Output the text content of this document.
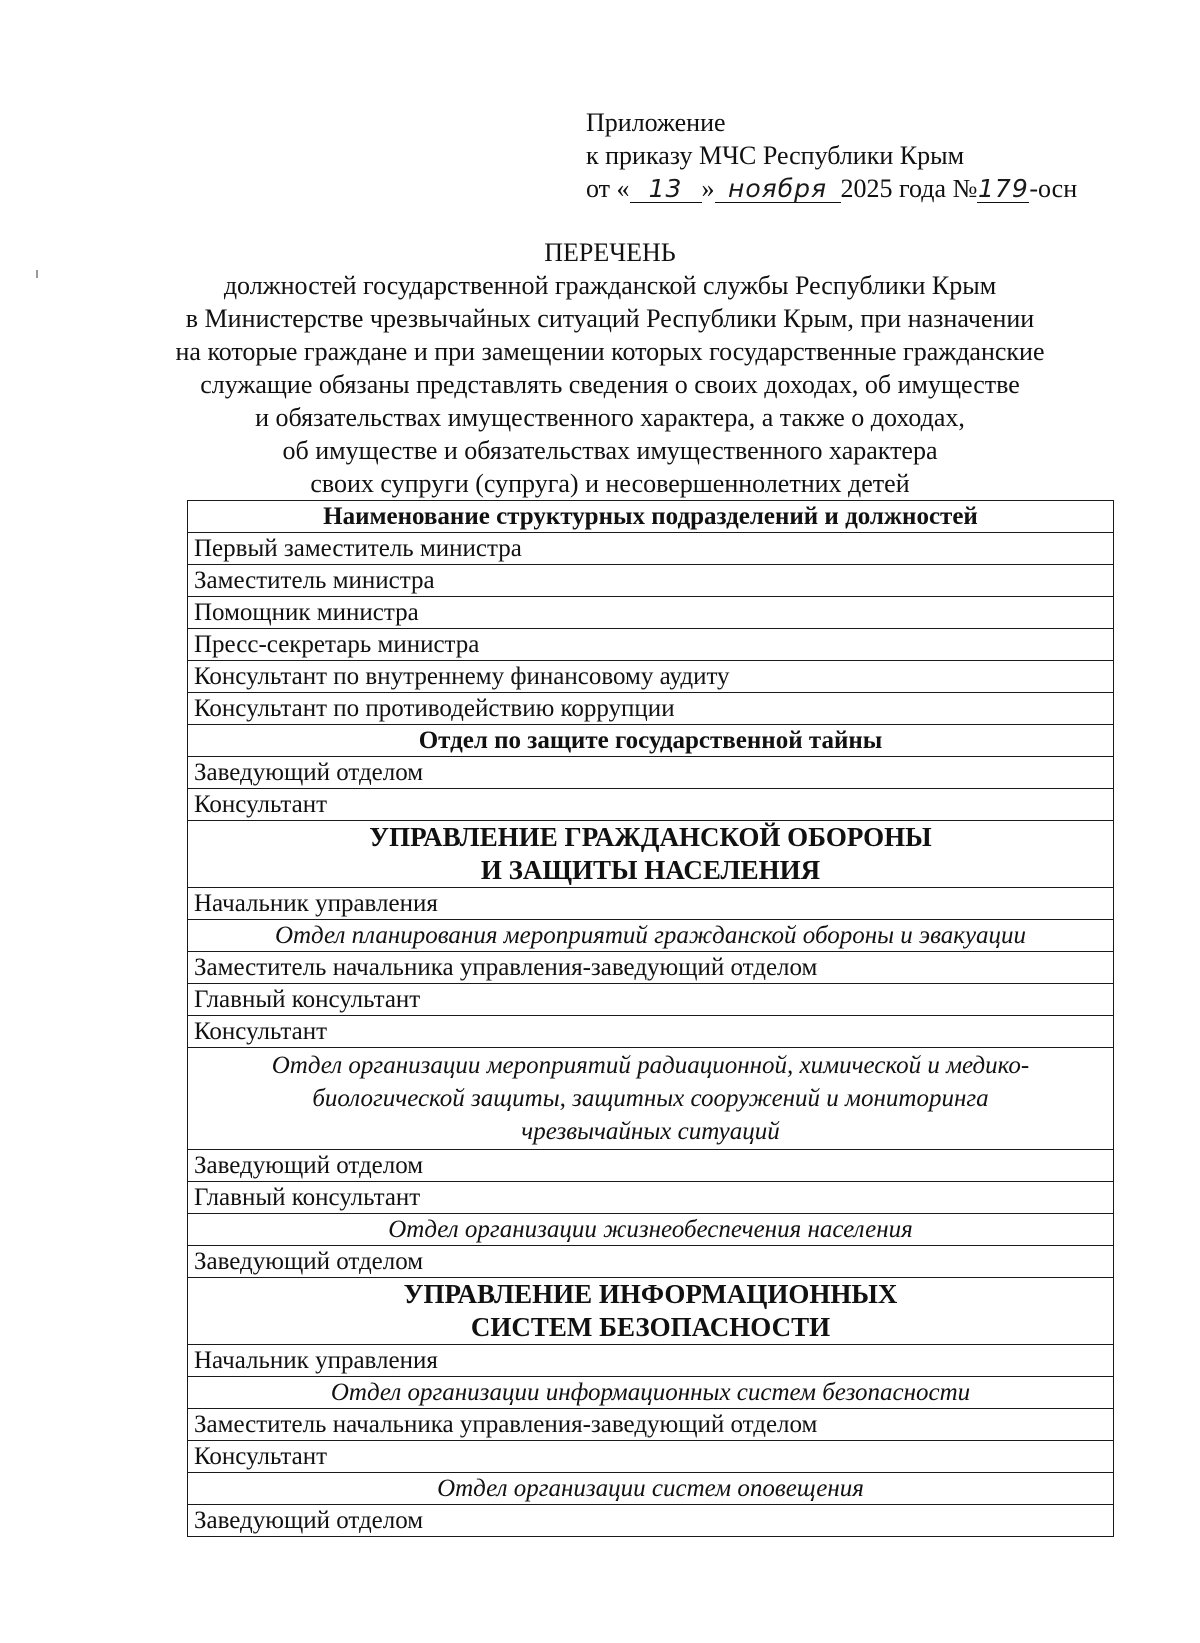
Приложение
к приказу МЧС Республики Крым
от « 13 » ноября 2025 года №179-осн
ПЕРЕЧЕНЬ
должностей государственной гражданской службы Республики Крым
в Министерстве чрезвычайных ситуаций Республики Крым, при назначении
на которые граждане и при замещении которых государственные гражданские
служащие обязаны представлять сведения о своих доходах, об имуществе
и обязательствах имущественного характера, а также о доходах,
об имуществе и обязательствах имущественного характера
своих супруги (супруга) и несовершеннолетних детей
Наименование структурных подразделений и должностей
Первый заместитель министра
Заместитель министра
Помощник министра
Пресс-секретарь министра
Консультант по внутреннему финансовому аудиту
Консультант по противодействию коррупции
Отдел по защите государственной тайны
Заведующий отделом
Консультант

УПРАВЛЕНИЕ ГРАЖДАНСКОЙ ОБОРОНЫ
И ЗАЩИТЫ НАСЕЛЕНИЯ

Начальник управления
Отдел планирования мероприятий гражданской обороны и эвакуации
Заместитель начальника управления-заведующий отделом
Главный консультант
Консультант

Отдел организации мероприятий радиационной, химической и медико-
биологической защиты, защитных сооружений и мониторинга
чрезвычайных ситуаций

Заведующий отделом
Главный консультант
Отдел организации жизнеобеспечения населения
Заведующий отделом

УПРАВЛЕНИЕ ИНФОРМАЦИОННЫХ
СИСТЕМ БЕЗОПАСНОСТИ

Начальник управления
Отдел организации информационных систем безопасности
Заместитель начальника управления-заведующий отделом
Консультант
Отдел организации систем оповещения
Заведующий отделом
